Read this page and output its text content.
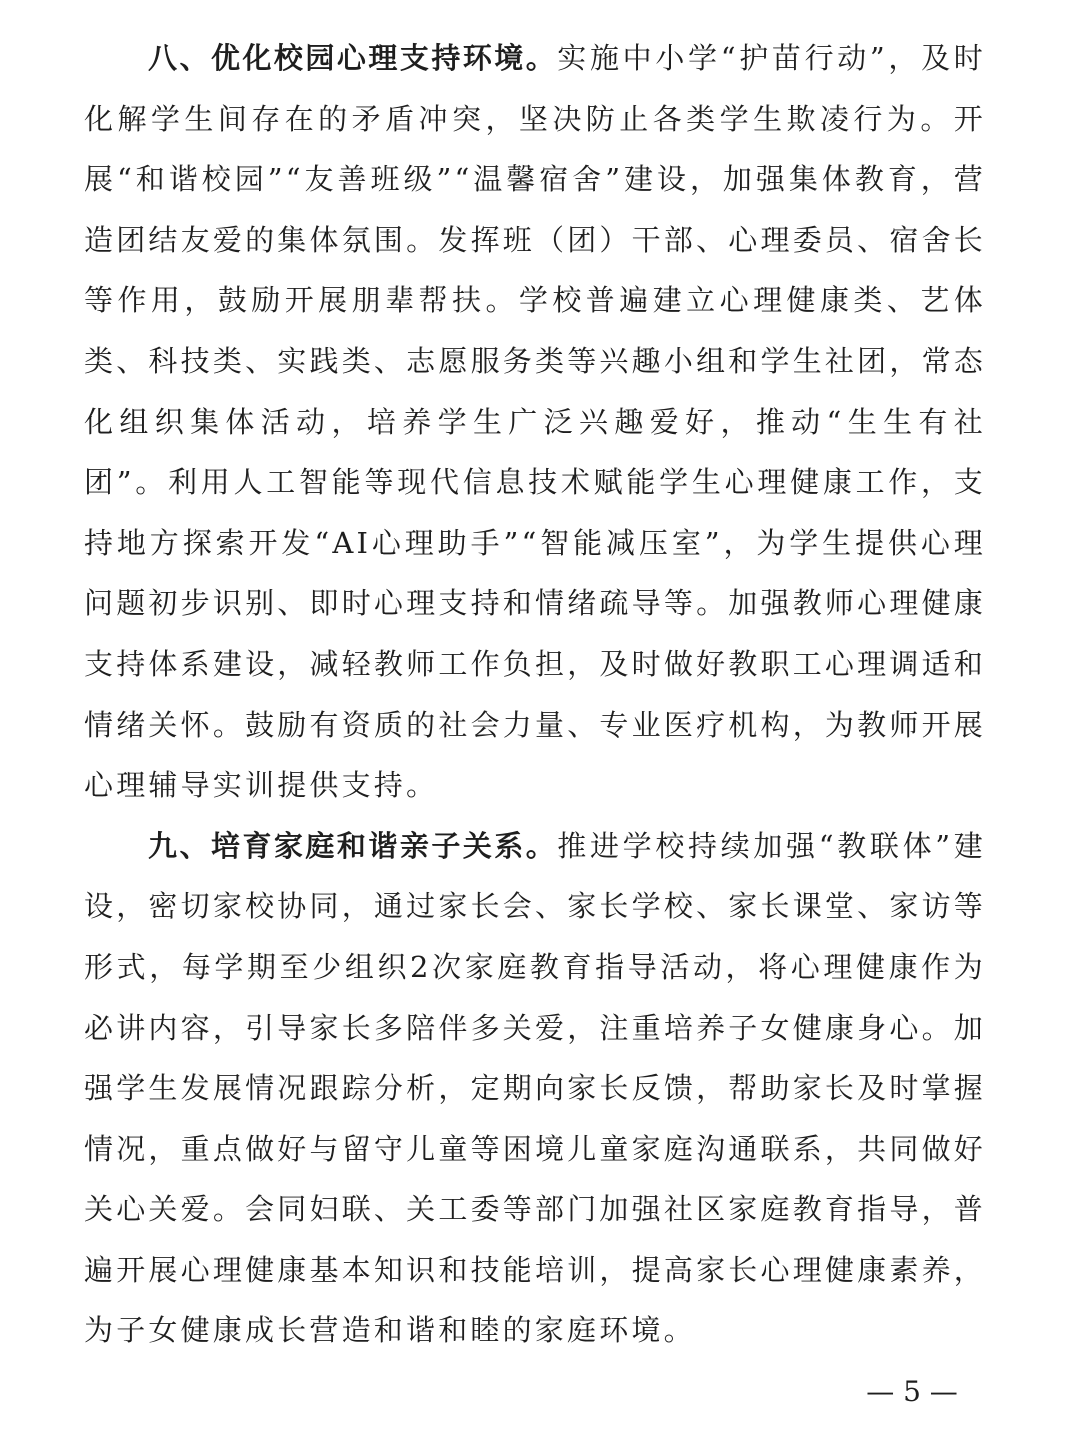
八、优化校园心理支持环境。实施中小学“护苗行动”，及时化解学生间存在的矛盾冲突，坚决防止各类学生欺凌行为。开展“和谐校园”“友善班级”“温馨宿舍”建设，加强集体教育，营造团结友爱的集体氛围。发挥班（团）干部、心理委员、宿舍长等作用，鼓励开展朋辈帮扶。学校普遍建立心理健康类、艺体类、科技类、实践类、志愿服务类等兴趣小组和学生社团，常态化组织集体活动，培养学生广泛兴趣爱好，推动“生生有社团”。利用人工智能等现代信息技术赋能学生心理健康工作，支持地方探索开发“AI心理助手”“智能减压室”，为学生提供心理问题初步识别、即时心理支持和情绪疏导等。加强教师心理健康支持体系建设，减轻教师工作负担，及时做好教职工心理调适和情绪关怀。鼓励有资质的社会力量、专业医疗机构，为教师开展心理辅导实训提供支持。

九、培育家庭和谐亲子关系。推进学校持续加强“教联体”建设，密切家校协同，通过家长会、家长学校、家长课堂、家访等形式，每学期至少组织2次家庭教育指导活动，将心理健康作为必讲内容，引导家长多陪伴多关爱，注重培养子女健康身心。加强学生发展情况跟踪分析，定期向家长反馈，帮助家长及时掌握情况，重点做好与留守儿童等困境儿童家庭沟通联系，共同做好关心关爱。会同妇联、关工委等部门加强社区家庭教育指导，普遍开展心理健康基本知识和技能培训，提高家长心理健康素养，为子女健康成长营造和谐和睦的家庭环境。

— 5 —
